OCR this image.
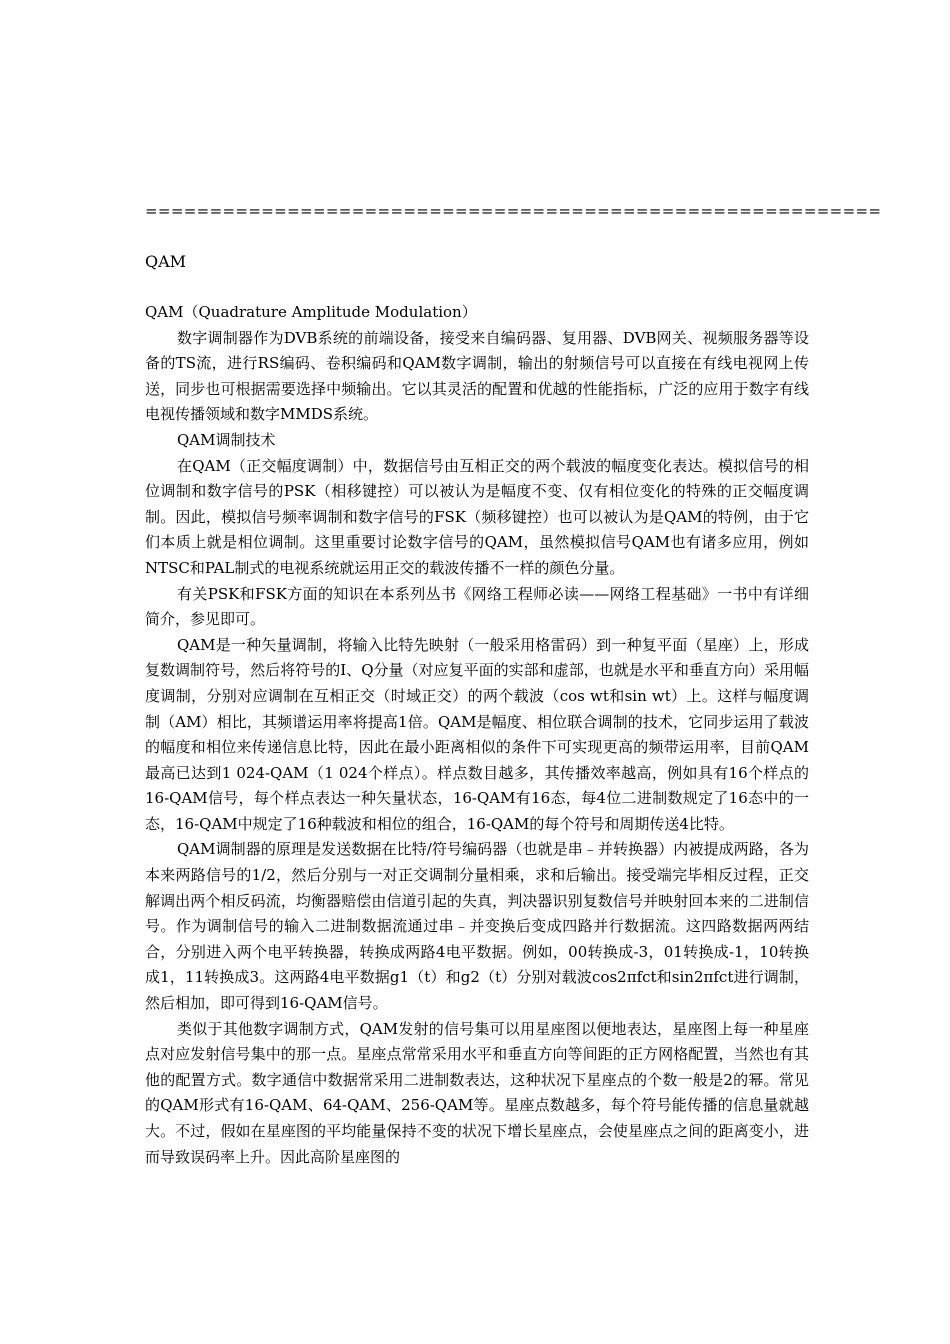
=========================================================
QAM

QAM（Quadrature Amplitude Modulation）

数字调制器作为DVB系统的前端设备，接受来自编码器、复用器、DVB网关、视频服务器等设备的TS流，进行RS编码、卷积编码和QAM数字调制，输出的射频信号可以直接在有线电视网上传送，同步也可根据需要选择中频输出。它以其灵活的配置和优越的性能指标，广泛的应用于数字有线电视传播领域和数字MMDS系统。

QAM调制技术

在QAM（正交幅度调制）中，数据信号由互相正交的两个载波的幅度变化表达。模拟信号的相位调制和数字信号的PSK（相移键控）可以被认为是幅度不变、仅有相位变化的特殊的正交幅度调制。因此，模拟信号频率调制和数字信号的FSK（频移键控）也可以被认为是QAM的特例，由于它们本质上就是相位调制。这里重要讨论数字信号的QAM，虽然模拟信号QAM也有诸多应用，例如NTSC和PAL制式的电视系统就运用正交的载波传播不一样的颜色分量。

有关PSK和FSK方面的知识在本系列丛书《网络工程师必读——网络工程基础》一书中有详细简介，参见即可。

QAM是一种矢量调制，将输入比特先映射（一般采用格雷码）到一种复平面（星座）上，形成复数调制符号，然后将符号的I、Q分量（对应复平面的实部和虚部，也就是水平和垂直方向）采用幅度调制，分别对应调制在互相正交（时域正交）的两个载波（cos wt和sin wt）上。这样与幅度调制（AM）相比，其频谱运用率将提高1倍。QAM是幅度、相位联合调制的技术，它同步运用了载波的幅度和相位来传递信息比特，因此在最小距离相似的条件下可实现更高的频带运用率，目前QAM最高已达到1 024-QAM（1 024个样点）。样点数目越多，其传播效率越高，例如具有16个样点的16-QAM信号，每个样点表达一种矢量状态，16-QAM有16态，每4位二进制数规定了16态中的一态，16-QAM中规定了16种载波和相位的组合，16-QAM的每个符号和周期传送4比特。

QAM调制器的原理是发送数据在比特/符号编码器（也就是串﹣并转换器）内被提成两路，各为本来两路信号的1/2，然后分别与一对正交调制分量相乘，求和后输出。接受端完毕相反过程，正交解调出两个相反码流，均衡器赔偿由信道引起的失真，判决器识别复数信号并映射回本来的二进制信号。作为调制信号的输入二进制数据流通过串﹣并变换后变成四路并行数据流。这四路数据两两结合，分别进入两个电平转换器，转换成两路4电平数据。例如，00转换成-3，01转换成-1，10转换成1，11转换成3。这两路4电平数据g1（t）和g2（t）分别对载波cos2πfct和sin2πfct进行调制，然后相加，即可得到16-QAM信号。

类似于其他数字调制方式，QAM发射的信号集可以用星座图以便地表达，星座图上每一种星座点对应发射信号集中的那一点。星座点常常采用水平和垂直方向等间距的正方网格配置，当然也有其他的配置方式。数字通信中数据常采用二进制数表达，这种状况下星座点的个数一般是2的幂。常见的QAM形式有16-QAM、64-QAM、256-QAM等。星座点数越多，每个符号能传播的信息量就越大。不过，假如在星座图的平均能量保持不变的状况下增长星座点，会使星座点之间的距离变小，进而导致误码率上升。因此高阶星座图的
